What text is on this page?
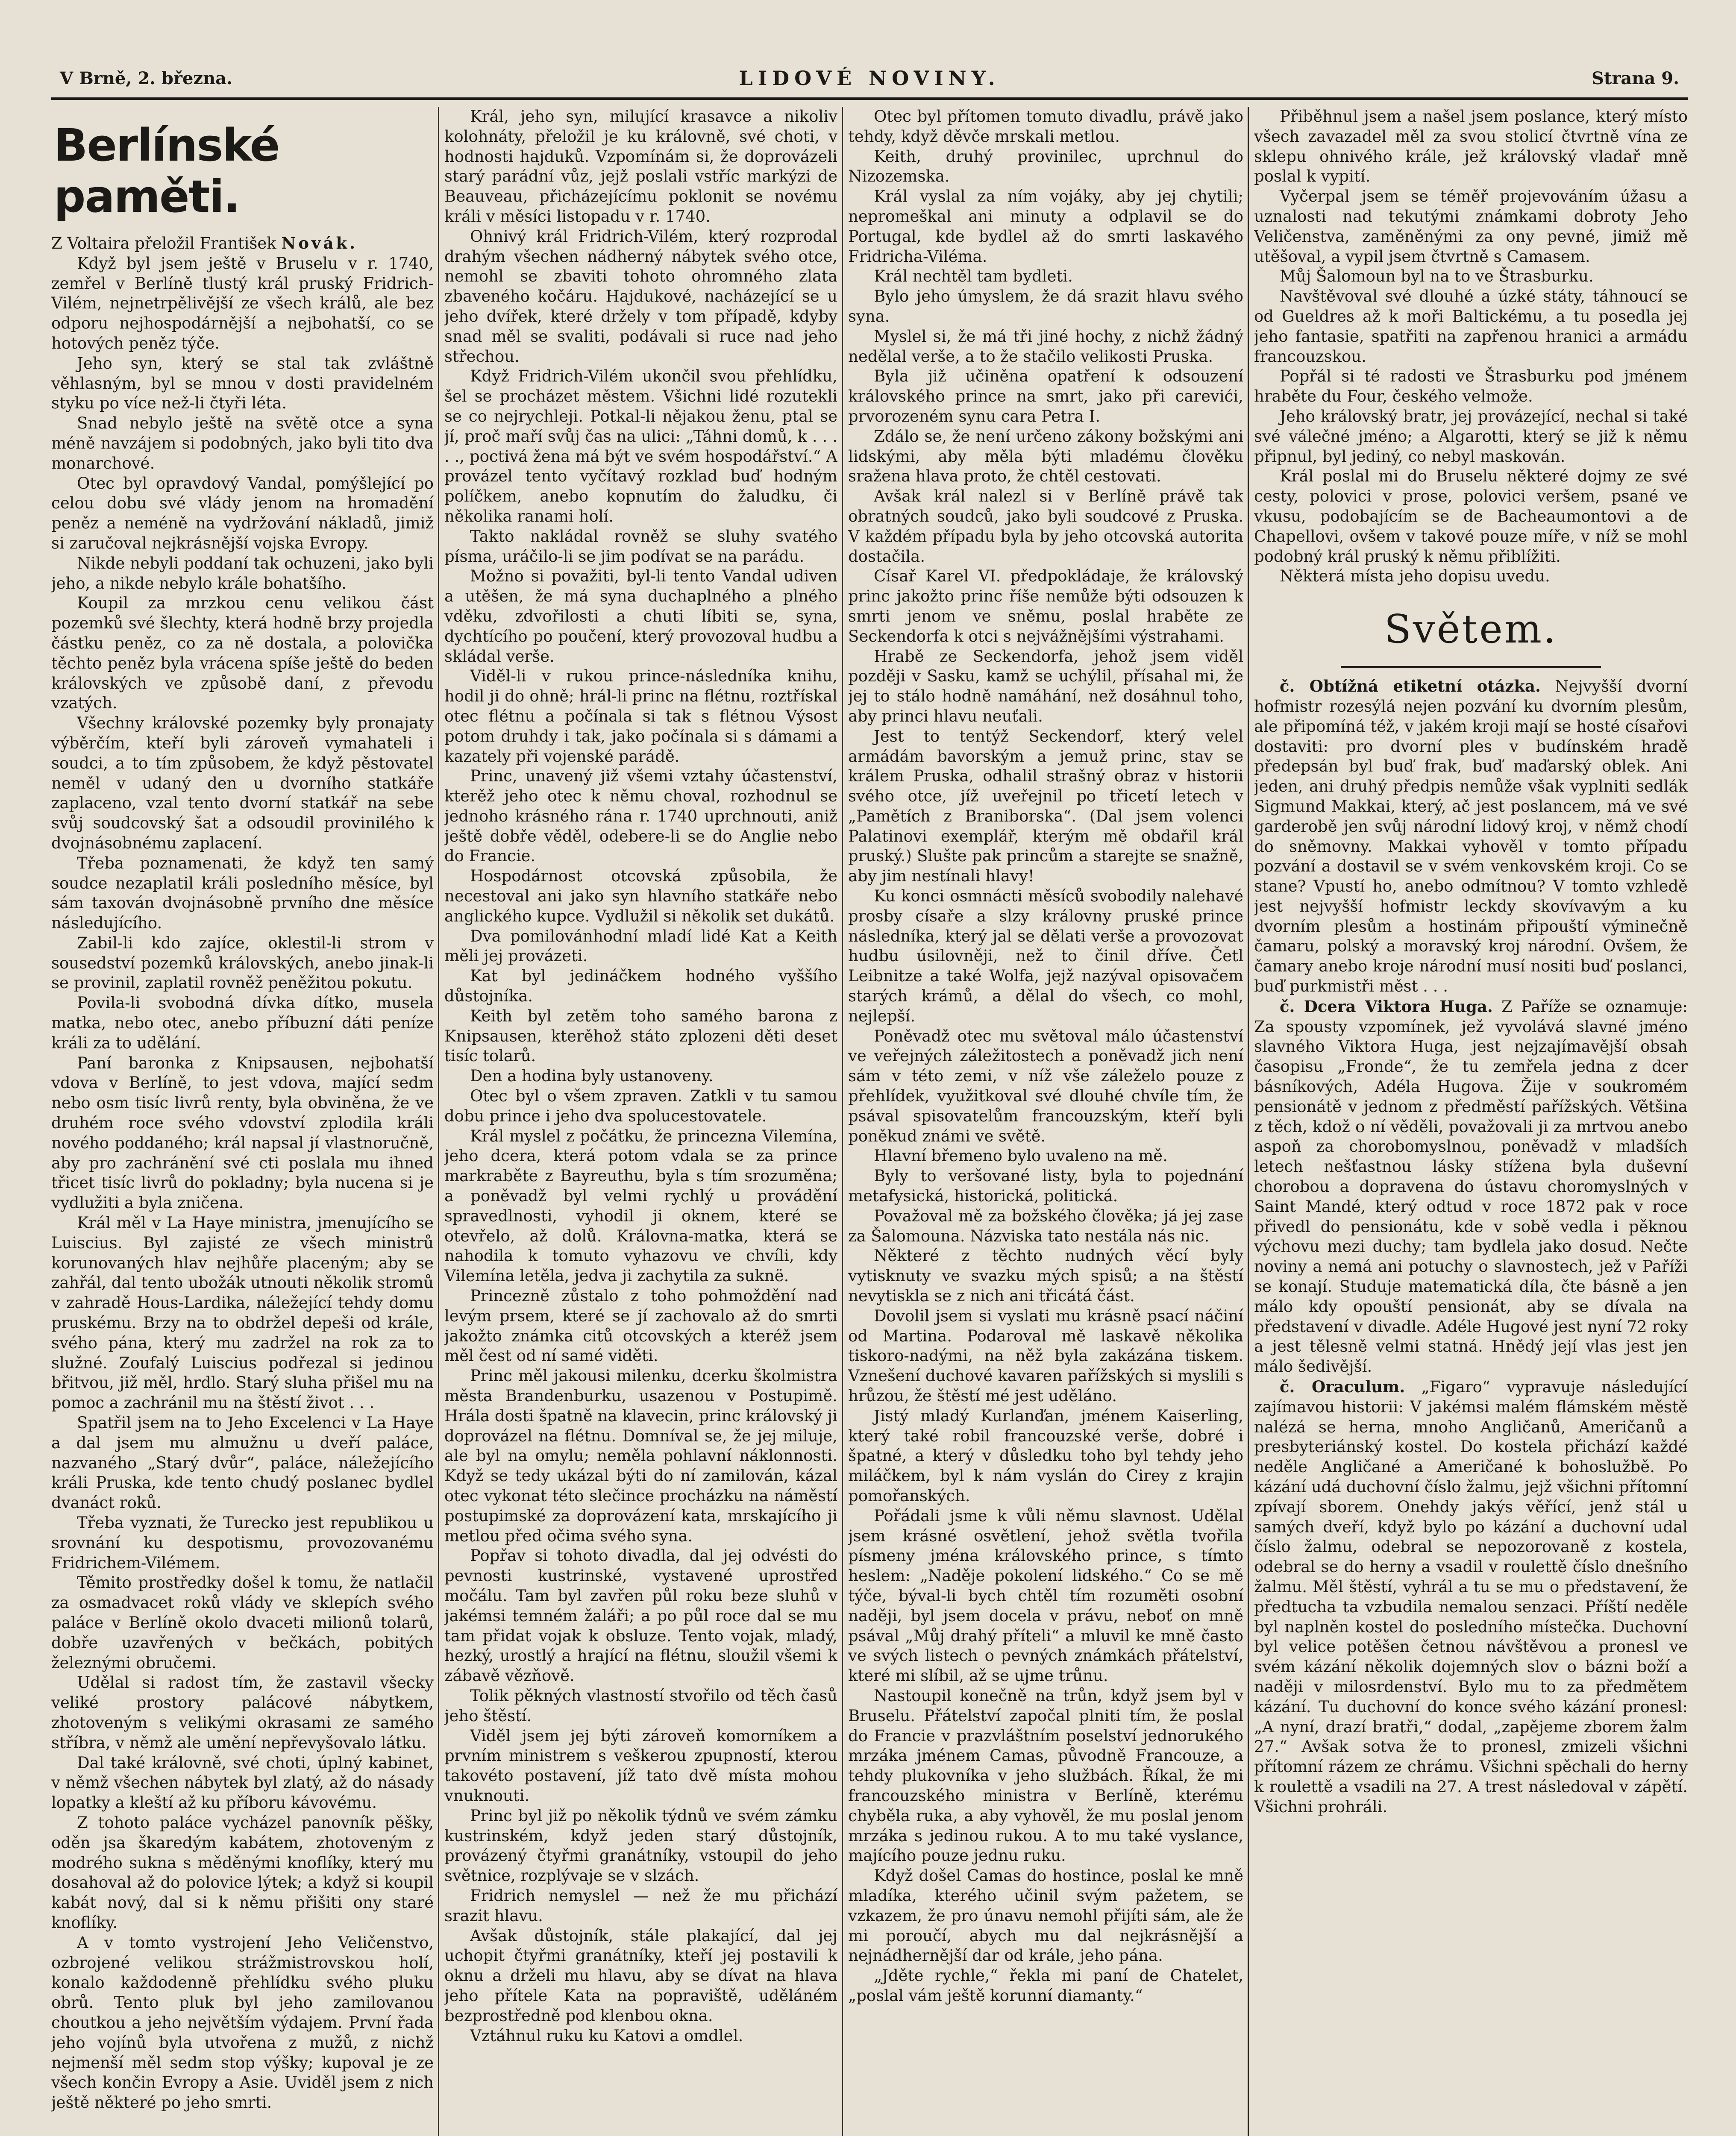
V Brně, 2. března.	LIDOVÉ NOVINY.	Strana 9.
Berlínské paměti.

Z Voltaira přeložil František Novák.

Když byl jsem ještě v Bruselu v r. 1740, zemřel v Berlíně tlustý král pruský Fridrich-Vilém, nejnetrpělivější ze všech králů, ale bez odporu nejhospodárnější a nejbohatší, co se hotových peněz týče.

Jeho syn, který se stal tak zvláštně věhlasným, byl se mnou v dosti pravidelném styku po více než-li čtyři léta.

Snad nebylo ještě na světě otce a syna méně navzájem si podobných, jako byli tito dva monarchové.

Otec byl opravdový Vandal, pomýšlející po celou dobu své vlády jenom na hromadění peněz a neméně na vydržování nákladů, jimiž si zaručoval nejkrásnější vojska Evropy.

Nikde nebyli poddaní tak ochuzeni, jako byli jeho, a nikde nebylo krále bohatšího.

Koupil za mrzkou cenu velikou část pozemků své šlechty, která hodně brzy projedla částku peněz, co za ně dostala, a polovička těchto peněz byla vrácena spíše ještě do beden královských ve způsobě daní, z převodu vzatých.

Všechny královské pozemky byly pronajaty výběrčím, kteří byli zároveň vymahateli i soudci, a to tím způsobem, že když pěstovatel neměl v udaný den u dvorního statkáře zaplaceno, vzal tento dvorní statkář na sebe svůj soudcovský šat a odsoudil provinilého k dvojnásobnému zaplacení.

Třeba poznamenati, že když ten samý soudce nezaplatil králi posledního měsíce, byl sám taxován dvojnásobně prvního dne měsíce následujícího.

Zabil-li kdo zajíce, oklestil-li strom v sousedství pozemků královských, anebo jinak-li se provinil, zaplatil rovněž peněžitou pokutu.

Povila-li svobodná dívka dítko, musela matka, nebo otec, anebo příbuzní dáti peníze králi za to udělání.

Paní baronka z Knipsausen, nejbohatší vdova v Berlíně, to jest vdova, mající sedm nebo osm tisíc livrů renty, byla obviněna, že ve druhém roce svého vdovství zplodila králi nového poddaného; král napsal jí vlastnoručně, aby pro zachránění své cti poslala mu ihned třicet tisíc livrů do pokladny; byla nucena si je vydlužiti a byla zničena.

Král měl v La Haye ministra, jmenujícího se Luiscius. Byl zajisté ze všech ministrů korunovaných hlav nejhůře placeným; aby se zahřál, dal tento ubožák utnouti několik stromů v zahradě Hous-Lardika, náležející tehdy domu pruskému. Brzy na to obdržel depeši od krále, svého pána, který mu zadržel na rok za to služné. Zoufalý Luiscius podřezal si jedinou břitvou, již měl, hrdlo. Starý sluha přišel mu na pomoc a zachránil mu na štěstí život . . .

Spatřil jsem na to Jeho Excelenci v La Haye a dal jsem mu almužnu u dveří paláce, nazvaného „Starý dvůr“, paláce, náležejícího králi Pruska, kde tento chudý poslanec bydlel dvanáct roků.

Třeba vyznati, že Turecko jest republikou u srovnání ku despotismu, provozovanému Fridrichem-Vilémem.

Těmito prostředky došel k tomu, že natlačil za osmadvacet roků vlády ve sklepích svého paláce v Berlíně okolo dvaceti milionů tolarů, dobře uzavřených v bečkách, pobitých železnými obručemi.

Udělal si radost tím, že zastavil všecky veliké prostory palácové nábytkem, zhotoveným s velikými okrasami ze samého stříbra, v němž ale umění nepřevyšovalo látku.

Dal také královně, své choti, úplný kabinet, v němž všechen nábytek byl zlatý, až do násady lopatky a kleští až ku příboru kávovému.

Z tohoto paláce vycházel panovník pěšky, oděn jsa škaredým kabátem, zhotoveným z modrého sukna s měděnými knoflíky, který mu dosahoval až do polovice lýtek; a když si koupil kabát nový, dal si k němu přišiti ony staré knoflíky.

A v tomto vystrojení Jeho Veličenstvo, ozbrojené velikou strážmistrovskou holí, konalo každodenně přehlídku svého pluku obrů. Tento pluk byl jeho zamilovanou choutkou a jeho největším výdajem. První řada jeho vojínů byla utvořena z mužů, z nichž nejmenší měl sedm stop výšky; kupoval je ze všech končin Evropy a Asie. Uviděl jsem z nich ještě některé po jeho smrti.

Král, jeho syn, milující krasavce a nikoliv kolohnáty, přeložil je ku královně, své choti, v hodnosti hajduků. Vzpomínám si, že doprovázeli starý parádní vůz, jejž poslali vstříc markýzi de Beauveau, přicházejícímu poklonit se novému králi v měsíci listopadu v r. 1740.

Ohnivý král Fridrich-Vilém, který rozprodal drahým všechen nádherný nábytek svého otce, nemohl se zbaviti tohoto ohromného zlata zbaveného kočáru. Hajdukové, nacházející se u jeho dvířek, které držely v tom případě, kdyby snad měl se svaliti, podávali si ruce nad jeho střechou.

Když Fridrich-Vilém ukončil svou přehlídku, šel se procházet městem. Všichni lidé rozutekli se co nejrychleji. Potkal-li nějakou ženu, ptal se jí, proč maří svůj čas na ulici: „Táhni domů, k . . . . ., poctivá žena má být ve svém hospodářství.“ A provázel tento vyčítavý rozklad buď hodným políčkem, anebo kopnutím do žaludku, či několika ranami holí.

Takto nakládal rovněž se sluhy svatého písma, uráčilo-li se jim podívat se na parádu.

Možno si považiti, byl-li tento Vandal udiven a utěšen, že má syna duchaplného a plného vděku, zdvořilosti a chuti líbiti se, syna, dychtícího po poučení, který provozoval hudbu a skládal verše.

Viděl-li v rukou prince-následníka knihu, hodil ji do ohně; hrál-li princ na flétnu, roztřískal otec flétnu a počínala si tak s flétnou Výsost potom druhdy i tak, jako počínala si s dámami a kazately při vojenské parádě.

Princ, unavený již všemi vztahy účastenství, kterěž jeho otec k němu choval, rozhodnul se jednoho krásného rána r. 1740 uprchnouti, aniž ještě dobře věděl, odebere-li se do Anglie nebo do Francie.

Hospodárnost otcovská způsobila, že necestoval ani jako syn hlavního statkáře nebo anglického kupce. Vydlužil si několik set dukátů.

Dva pomilovánhodní mladí lidé Kat a Keith měli jej provázeti.

Kat byl jedináčkem hodného vyššího důstojníka.

Keith byl zetěm toho samého barona z Knipsausen, kterěhož státo zplozeni děti deset tisíc tolarů.

Den a hodina byly ustanoveny.

Otec byl o všem zpraven. Zatkli v tu samou dobu prince i jeho dva spolucestovatele.

Král myslel z počátku, že princezna Vilemína, jeho dcera, která potom vdala se za prince markraběte z Bayreuthu, byla s tím srozuměna; a poněvadž byl velmi rychlý u provádění spravedlnosti, vyhodil ji oknem, které se otevřelo, až dolů. Královna-matka, která se nahodila k tomuto vyhazovu ve chvíli, kdy Vilemína letěla, jedva ji zachytila za suknë.

Princezně zůstalo z toho pohmoždění nad levým prsem, které se jí zachovalo až do smrti jakožto známka citů otcovských a kteréž jsem měl čest od ní samé viděti.

Princ měl jakousi milenku, dcerku školmistra města Brandenburku, usazenou v Postupimě. Hrála dosti špatně na klavecin, princ královský ji doprovázel na flétnu. Domníval se, že jej miluje, ale byl na omylu; neměla pohlavní náklonnosti. Když se tedy ukázal býti do ní zamilován, kázal otec vykonat této slečince procházku na náměstí postupimské za doprovázení kata, mrskajícího ji metlou před očima svého syna.

Popřav si tohoto divadla, dal jej odvésti do pevnosti kustrinské, vystavené uprostřed močálu. Tam byl zavřen půl roku beze sluhů v jakémsi temném žaláři; a po půl roce dal se mu tam přidat vojak k obsluze. Tento vojak, mladý, hezký, urostlý a hrající na flétnu, sloužil všemi k zábavě vězňově.

Tolik pěkných vlastností stvořilo od těch časů jeho štěstí.

Viděl jsem jej býti zároveň komorníkem a prvním ministrem s veškerou zpupností, kterou takovéto postavení, jíž tato dvě místa mohou vnuknouti.

Princ byl již po několik týdnů ve svém zámku kustrinském, když jeden starý důstojník, provázený čtyřmi granátníky, vstoupil do jeho světnice, rozplývaje se v slzách.

Fridrich nemyslel — než že mu přichází srazit hlavu.

Avšak důstojník, stále plakající, dal jej uchopit čtyřmi granátníky, kteří jej postavili k oknu a drželi mu hlavu, aby se dívat na hlava jeho přítele Kata na popraviště, uděláném bezprostředně pod klenbou okna.

Vztáhnul ruku ku Katovi a omdlel.

Otec byl přítomen tomuto divadlu, právě jako tehdy, když děvče mrskali metlou.

Keith, druhý provinilec, uprchnul do Nizozemska.

Král vyslal za ním vojáky, aby jej chytili; nepromeškal ani minuty a odplavil se do Portugal, kde bydlel až do smrti laskavého Fridricha-Viléma.

Král nechtěl tam bydleti.

Bylo jeho úmyslem, že dá srazit hlavu svého syna.

Myslel si, že má tři jiné hochy, z nichž žádný nedělal verše, a to že stačilo velikosti Pruska.

Byla již učiněna opatření k odsouzení královského prince na smrt, jako při carevići, prvorozeném synu cara Petra I.

Zdálo se, že není určeno zákony božskými ani lidskými, aby měla býti mladému člověku sražena hlava proto, že chtěl cestovati.

Avšak král nalezl si v Berlíně právě tak obratných soudců, jako byli soudcové z Pruska. V každém případu byla by jeho otcovská autorita dostačila.

Císař Karel VI. předpokládaje, že královský princ jakožto princ říše nemůže býti odsouzen k smrti jenom ve sněmu, poslal hraběte ze Seckendorfa k otci s nejvážnějšími výstrahami.

Hrabě ze Seckendorfa, jehož jsem viděl později v Sasku, kamž se uchýlil, přísahal mi, že jej to stálo hodně namáhání, než dosáhnul toho, aby princi hlavu neuťali.

Jest to tentýž Seckendorf, který velel armádám bavorským a jemuž princ, stav se králem Pruska, odhalil strašný obraz v historii svého otce, jíž uveřejnil po třicetí letech v „Pamětích z Braniborska“. (Dal jsem volenci Palatinovi exemplář, kterým mě obdařil král pruský.) Slušte pak princům a starejte se snažně, aby jim nestínali hlavy!

Ku konci osmnácti měsíců svobodily nalehavé prosby císaře a slzy královny pruské prince následníka, který jal se dělati verše a provozovat hudbu úsilovněji, než to činil dříve. Četl Leibnitze a také Wolfa, jejž nazýval opisovačem starých krámů, a dělal do všech, co mohl, nejlepší.

Poněvadž otec mu světoval málo účastenství ve veřejných záležitostech a poněvadž jich není sám v této zemi, v níž vše záleželo pouze z přehlídek, využitkoval své dlouhé chvíle tím, že psával spisovatelům francouzským, kteří byli poněkud známi ve světě.

Hlavní břemeno bylo uvaleno na mě.

Byly to veršované listy, byla to pojednání metafysická, historická, politická.

Považoval mě za božského člověka; já jej zase za Šalomouna. Názviska tato nestála nás nic.

Některé z těchto nudných věcí byly vytisknuty ve svazku mých spisů; a na štěstí nevytiskla se z nich ani třicátá část.

Dovolil jsem si vyslati mu krásně psací náčiní od Martina. Podaroval mě laskavě několika tiskoro-nadými, na něž byla zakázána tiskem. Vznešení duchové kavaren pařížských si myslili s hrůzou, že štěstí mé jest uděláno.

Jistý mladý Kurlanďan, jménem Kaiserling, který také robil francouzské verše, dobré i špatné, a který v důsledku toho byl tehdy jeho miláčkem, byl k nám vyslán do Cirey z krajin pomořanských.

Pořádali jsme k vůli němu slavnost. Udělal jsem krásné osvětlení, jehož světla tvořila písmeny jména královského prince, s tímto heslem: „Naděje pokolení lidského.“ Co se mě týče, býval-li bych chtěl tím rozuměti osobní naději, byl jsem docela v právu, neboť on mně psával „Můj drahý příteli“ a mluvil ke mně často ve svých listech o pevných známkách přátelství, které mi slíbil, až se ujme trůnu.

Nastoupil konečně na trůn, když jsem byl v Bruselu. Přátelství započal plniti tím, že poslal do Francie v prazvláštním poselství jednorukého mrzáka jménem Camas, původně Francouze, a tehdy plukovníka v jeho službách. Říkal, že mi francouzského ministra v Berlíně, kterému chyběla ruka, a aby vyhověl, že mu poslal jenom mrzáka s jedinou rukou. A to mu také vyslance, majícího pouze jednu ruku.

Když došel Camas do hostince, poslal ke mně mladíka, kterého učinil svým pažetem, se vzkazem, že pro únavu nemohl přijíti sám, ale že mi poroučí, abych mu dal nejkrásnější a nejnádhernější dar od krále, jeho pána.

„Jděte rychle,“ řekla mi paní de Chatelet, „poslal vám ještě korunní diamanty.“

Přiběhnul jsem a našel jsem poslance, který místo všech zavazadel měl za svou stolicí čtvrtně vína ze sklepu ohnivého krále, jež královský vladař mně poslal k vypití.

Vyčerpal jsem se téměř projevováním úžasu a uznalosti nad tekutými známkami dobroty Jeho Veličenstva, zaměněnými za ony pevné, jimiž mě utěšoval, a vypil jsem čtvrtně s Camasem.

Můj Šalomoun byl na to ve Štrasburku.

Navštěvoval své dlouhé a úzké státy, táhnoucí se od Gueldres až k moři Baltickému, a tu posedla jej jeho fantasie, spatřiti na zapřenou hranici a armádu francouzskou.

Popřál si té radosti ve Štrasburku pod jménem hraběte du Four, českého velmože.

Jeho královský bratr, jej provázející, nechal si také své válečné jméno; a Algarotti, který se již k němu připnul, byl jediný, co nebyl maskován.

Král poslal mi do Bruselu některé dojmy ze své cesty, polovici v prose, polovici veršem, psané ve vkusu, podobajícím se de Bacheaumontovi a de Chapellovi, ovšem v takové pouze míře, v níž se mohl podobný král pruský k němu přiblížiti.

Některá místa jeho dopisu uvedu.

Světem.

č. Obtížná etiketní otázka. Nejvyšší dvorní hofmistr rozesýlá nejen pozvání ku dvorním plesům, ale připomíná též, v jakém kroji mají se hosté císařovi dostaviti: pro dvorní ples v budínském hradě předepsán byl buď frak, buď maďarský oblek. Ani jeden, ani druhý předpis nemůže však vyplniti sedlák Sigmund Makkai, který, ač jest poslancem, má ve své garderobě jen svůj národní lidový kroj, v němž chodí do sněmovny. Makkai vyhověl v tomto případu pozvání a dostavil se v svém venkovském kroji. Co se stane? Vpustí ho, anebo odmítnou? V tomto vzhledě jest nejvyšší hofmistr leckdy skovívavým a ku dvorním plesům a hostinám připouští výminečně čamaru, polský a moravský kroj národní. Ovšem, že čamary anebo kroje národní musí nositi buď poslanci, buď purkmistři měst . . .

č. Dcera Viktora Huga. Z Paříže se oznamuje: Za spousty vzpomínek, jež vyvolává slavné jméno slavného Viktora Huga, jest nejzajímavější obsah časopisu „Fronde“, že tu zemřela jedna z dcer básníkových, Adéla Hugova. Žije v soukromém pensionátě v jednom z předměstí pařížských. Většina z těch, kdož o ní věděli, považovali ji za mrtvou anebo aspoň za chorobomyslnou, poněvadž v mladších letech nešťastnou lásky stížena byla duševní chorobou a dopravena do ústavu choromyslných v Saint Mandé, který odtud v roce 1872 pak v roce přivedl do pensionátu, kde v sobě vedla i pěknou výchovu mezi duchy; tam bydlela jako dosud. Nečte noviny a nemá ani potuchy o slavnostech, jež v Paříži se konají. Studuje matematická díla, čte básně a jen málo kdy opouští pensionát, aby se dívala na představení v divadle. Adéle Hugové jest nyní 72 roky a jest tělesně velmi statná. Hnědý její vlas jest jen málo šedivější.

č. Oraculum. „Figaro“ vypravuje následující zajímavou historii: V jakémsi malém flámském městě nalézá se herna, mnoho Angličanů, Američanů a presbyteriánský kostel. Do kostela přichází každé neděle Angličané a Američané k bohoslužbě. Po kázání udá duchovní číslo žalmu, jejž všichni přítomní zpívají sborem. Onehdy jakýs věřící, jenž stál u samých dveří, když bylo po kázání a duchovní udal číslo žalmu, odebral se nepozorovaně z kostela, odebral se do herny a vsadil v roulettě číslo dnešního žalmu. Měl štěstí, vyhrál a tu se mu o představení, že předtucha ta vzbudila nemalou senzaci. Příští neděle byl naplněn kostel do posledního místečka. Duchovní byl velice potěšen četnou návštěvou a pronesl ve svém kázání několik dojemných slov o bázni boží a naději v milosrdenství. Bylo mu to za předmětem kázání. Tu duchovní do konce svého kázání pronesl: „A nyní, drazí bratři,“ dodal, „zapějeme zborem žalm 27.“ Avšak sotva že to pronesl, zmizeli všichni přítomní rázem ze chrámu. Všichni spěchali do herny k roulettě a vsadili na 27. A trest následoval v zápětí. Všichni prohráli.
